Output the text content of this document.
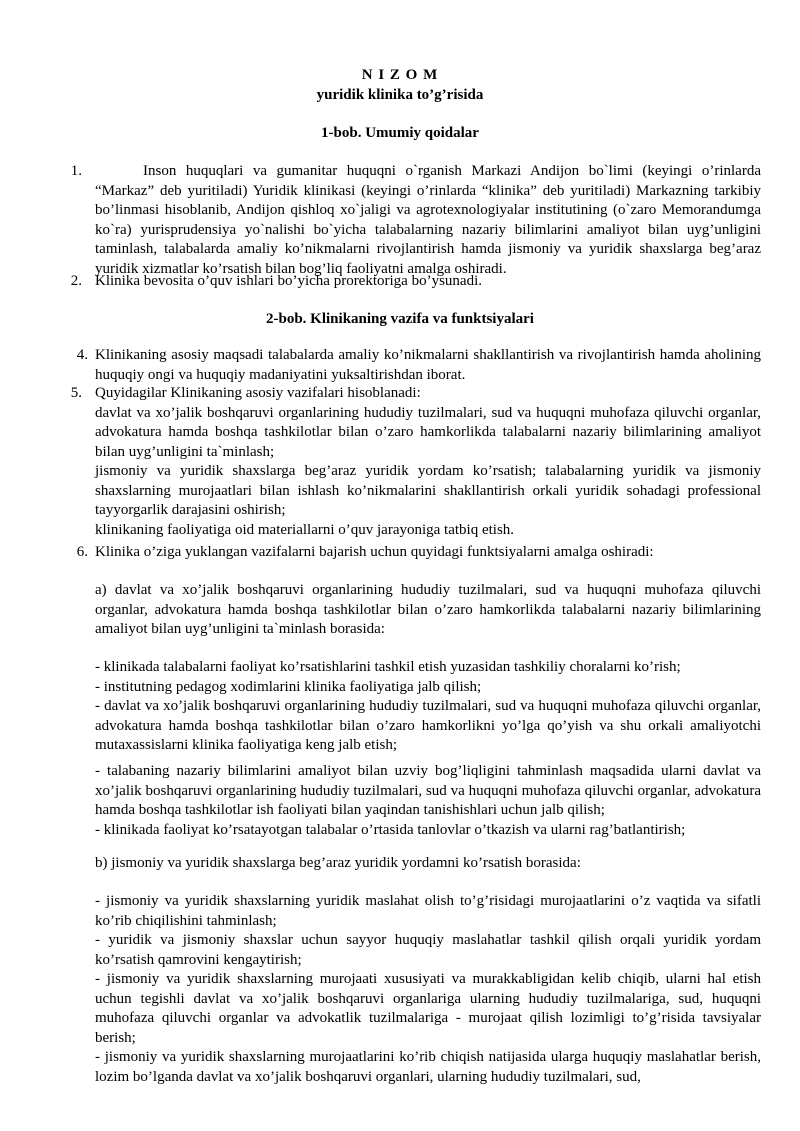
N I Z O M
yuridik klinika to’g’risida
1-bob. Umumiy qoidalar
1.	Inson huquqlari va gumanitar huquqni o`rganish Markazi Andijon bo`limi (keyingi o’rinlarda “Markaz” deb yuritiladi) Yuridik klinikasi (keyingi o’rinlarda “klinika” deb yuritiladi) Markazning tarkibiy bo’linmasi hisoblanib, Andijon qishloq xo`jaligi va agrotexnologiyalar institutining (o`zaro Memorandumga ko`ra) yurisprudensiya yo`nalishi bo`yicha talabalarning nazariy bilimlarini amaliyot bilan uyg’unligini taminlash, talabalarda amaliy ko’nikmalarni rivojlantirish hamda jismoniy va yuridik shaxslarga beg’araz yuridik xizmatlar ko’rsatish bilan bog’liq faoliyatni amalga oshiradi.

2. Klinika bevosita o’quv ishlari bo’yicha prorektoriga bo’ysunadi.

2-bob. Klinikaning vazifa va funktsiyalari
4. Klinikaning asosiy maqsadi talabalarda amaliy ko’nikmalarni shakllantirish va rivojlantirish hamda aholining huquqiy ongi va huquqiy madaniyatini yuksaltirishdan iborat.

5. Quyidagilar Klinikaning asosiy vazifalari hisoblanadi:

davlat va xo’jalik boshqaruvi organlarining hududiy tuzilmalari, sud va huquqni muhofaza qiluvchi organlar, advokatura hamda boshqa tashkilotlar bilan o’zaro hamkorlikda talabalarni nazariy bilimlarining amaliyot bilan uyg’unligini ta`minlash;

jismoniy va yuridik shaxslarga beg’araz yuridik yordam ko’rsatish; talabalarning yuridik va jismoniy shaxslarning murojaatlari bilan ishlash ko’nikmalarini shakllantirish orkali yuridik sohadagi professional tayyorgarlik darajasini oshirish;

klinikaning faoliyatiga oid materiallarni o’quv jarayoniga tatbiq etish.

6. Klinika o’ziga yuklangan vazifalarni bajarish uchun quyidagi funktsiyalarni amalga oshiradi:

a) davlat va xo’jalik boshqaruvi organlarining hududiy tuzilmalari, sud va huquqni muhofaza qiluvchi organlar, advokatura hamda boshqa tashkilotlar bilan o’zaro hamkorlikda talabalarni nazariy bilimlarining amaliyot bilan uyg’unligini ta`minlash borasida:

- klinikada talabalarni faoliyat ko’rsatishlarini tashkil etish yuzasidan tashkiliy choralarni ko’rish;

- institutning pedagog xodimlarini klinika faoliyatiga jalb qilish;

- davlat va xo’jalik boshqaruvi organlarining hududiy tuzilmalari, sud va huquqni muhofaza qiluvchi organlar, advokatura hamda boshqa tashkilotlar bilan o’zaro hamkorlikni yo’lga qo’yish va shu orkali amaliyotchi mutaxassislarni klinika faoliyatiga keng jalb etish;

- talabaning nazariy bilimlarini amaliyot bilan uzviy bog’liqligini tahminlash maqsadida ularni davlat va xo’jalik boshqaruvi organlarining hududiy tuzilmalari, sud va huquqni muhofaza qiluvchi organlar, advokatura hamda boshqa tashkilotlar ish faoliyati bilan yaqindan tanishishlari uchun jalb qilish;

- klinikada faoliyat ko’rsatayotgan talabalar o’rtasida tanlovlar o’tkazish va ularni rag’batlantirish;

b) jismoniy va yuridik shaxslarga beg’araz yuridik yordamni ko’rsatish borasida:

- jismoniy va yuridik shaxslarning yuridik maslahat olish to’g’risidagi murojaatlarini o’z vaqtida va sifatli ko’rib chiqilishini tahminlash;

- yuridik va jismoniy shaxslar uchun sayyor huquqiy maslahatlar tashkil qilish orqali yuridik yordam ko’rsatish qamrovini kengaytirish;

- jismoniy va yuridik shaxslarning murojaati xususiyati va murakkabligidan kelib chiqib, ularni hal etish uchun tegishli davlat va xo’jalik boshqaruvi organlariga ularning hududiy tuzilmalariga, sud, huquqni muhofaza qiluvchi organlar va advokatlik tuzilmalariga - murojaat qilish lozimligi to’g’risida tavsiyalar berish;

- jismoniy va yuridik shaxslarning murojaatlarini ko’rib chiqish natijasida ularga huquqiy maslahatlar berish, lozim bo’lganda davlat va xo’jalik boshqaruvi organlari, ularning hududiy tuzilmalari, sud,
